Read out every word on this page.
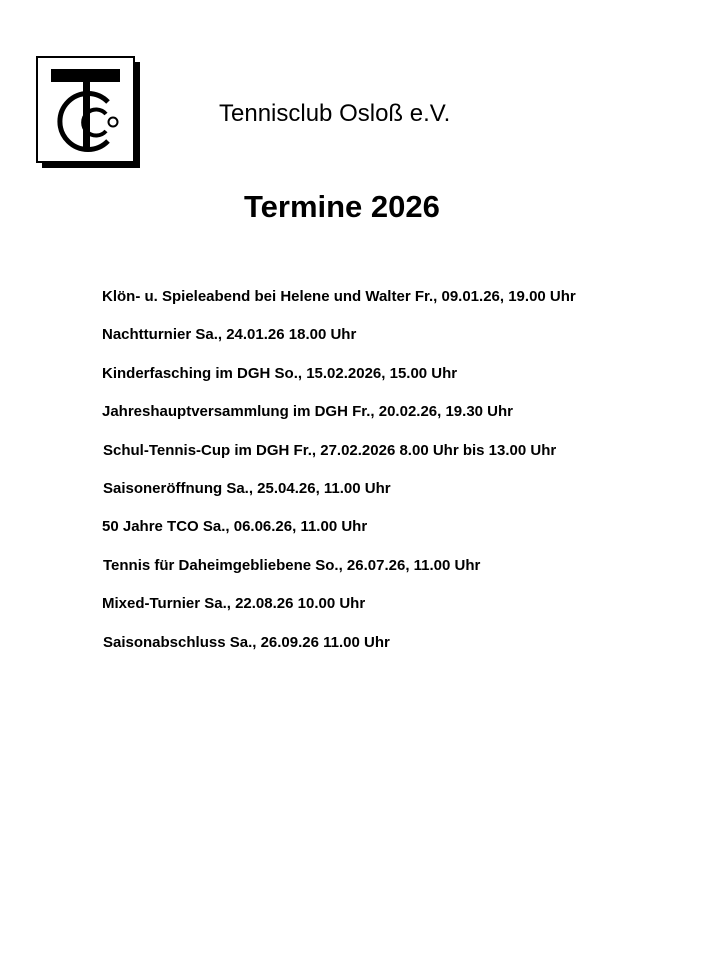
Tennisclub Osloß e.V.
Termine 2026
Klön- u. Spieleabend bei Helene und Walter Fr., 09.01.26, 19.00 Uhr
Nachtturnier Sa., 24.01.26 18.00 Uhr
Kinderfasching im DGH So., 15.02.2026, 15.00 Uhr
Jahreshauptversammlung im DGH Fr., 20.02.26, 19.30 Uhr
Schul-Tennis-Cup im DGH Fr., 27.02.2026 8.00 Uhr bis 13.00 Uhr
Saisoneröffnung Sa., 25.04.26, 11.00 Uhr
50 Jahre TCO Sa., 06.06.26, 11.00 Uhr
Tennis für Daheimgebliebene So., 26.07.26, 11.00 Uhr
Mixed-Turnier Sa., 22.08.26 10.00 Uhr
Saisonabschluss Sa., 26.09.26 11.00 Uhr
